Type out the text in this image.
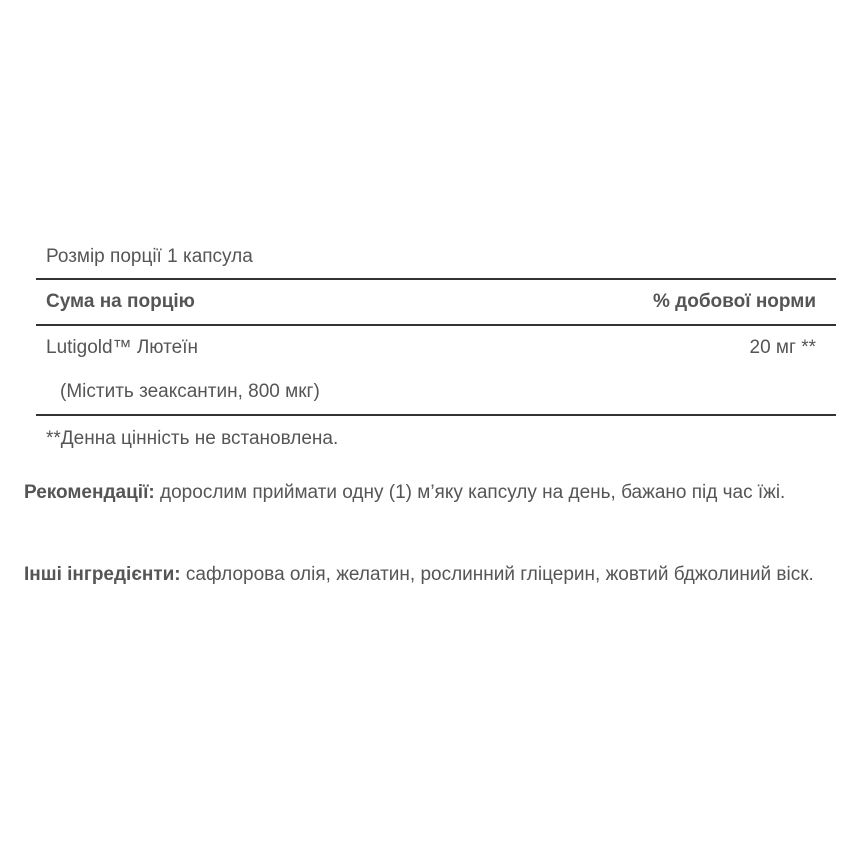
Розмір порції 1 капсула
Сума на порцію	% добової норми
Lutigold™ Лютеїн	20 мг **
(Містить зеаксантин, 800 мкг)
**Денна цінність не встановлена.
Рекомендації: дорослим приймати одну (1) м’яку капсулу на день, бажано під час їжі.
Інші інгредієнти: сафлорова олія, желатин, рослинний гліцерин, жовтий бджолиний віск.
